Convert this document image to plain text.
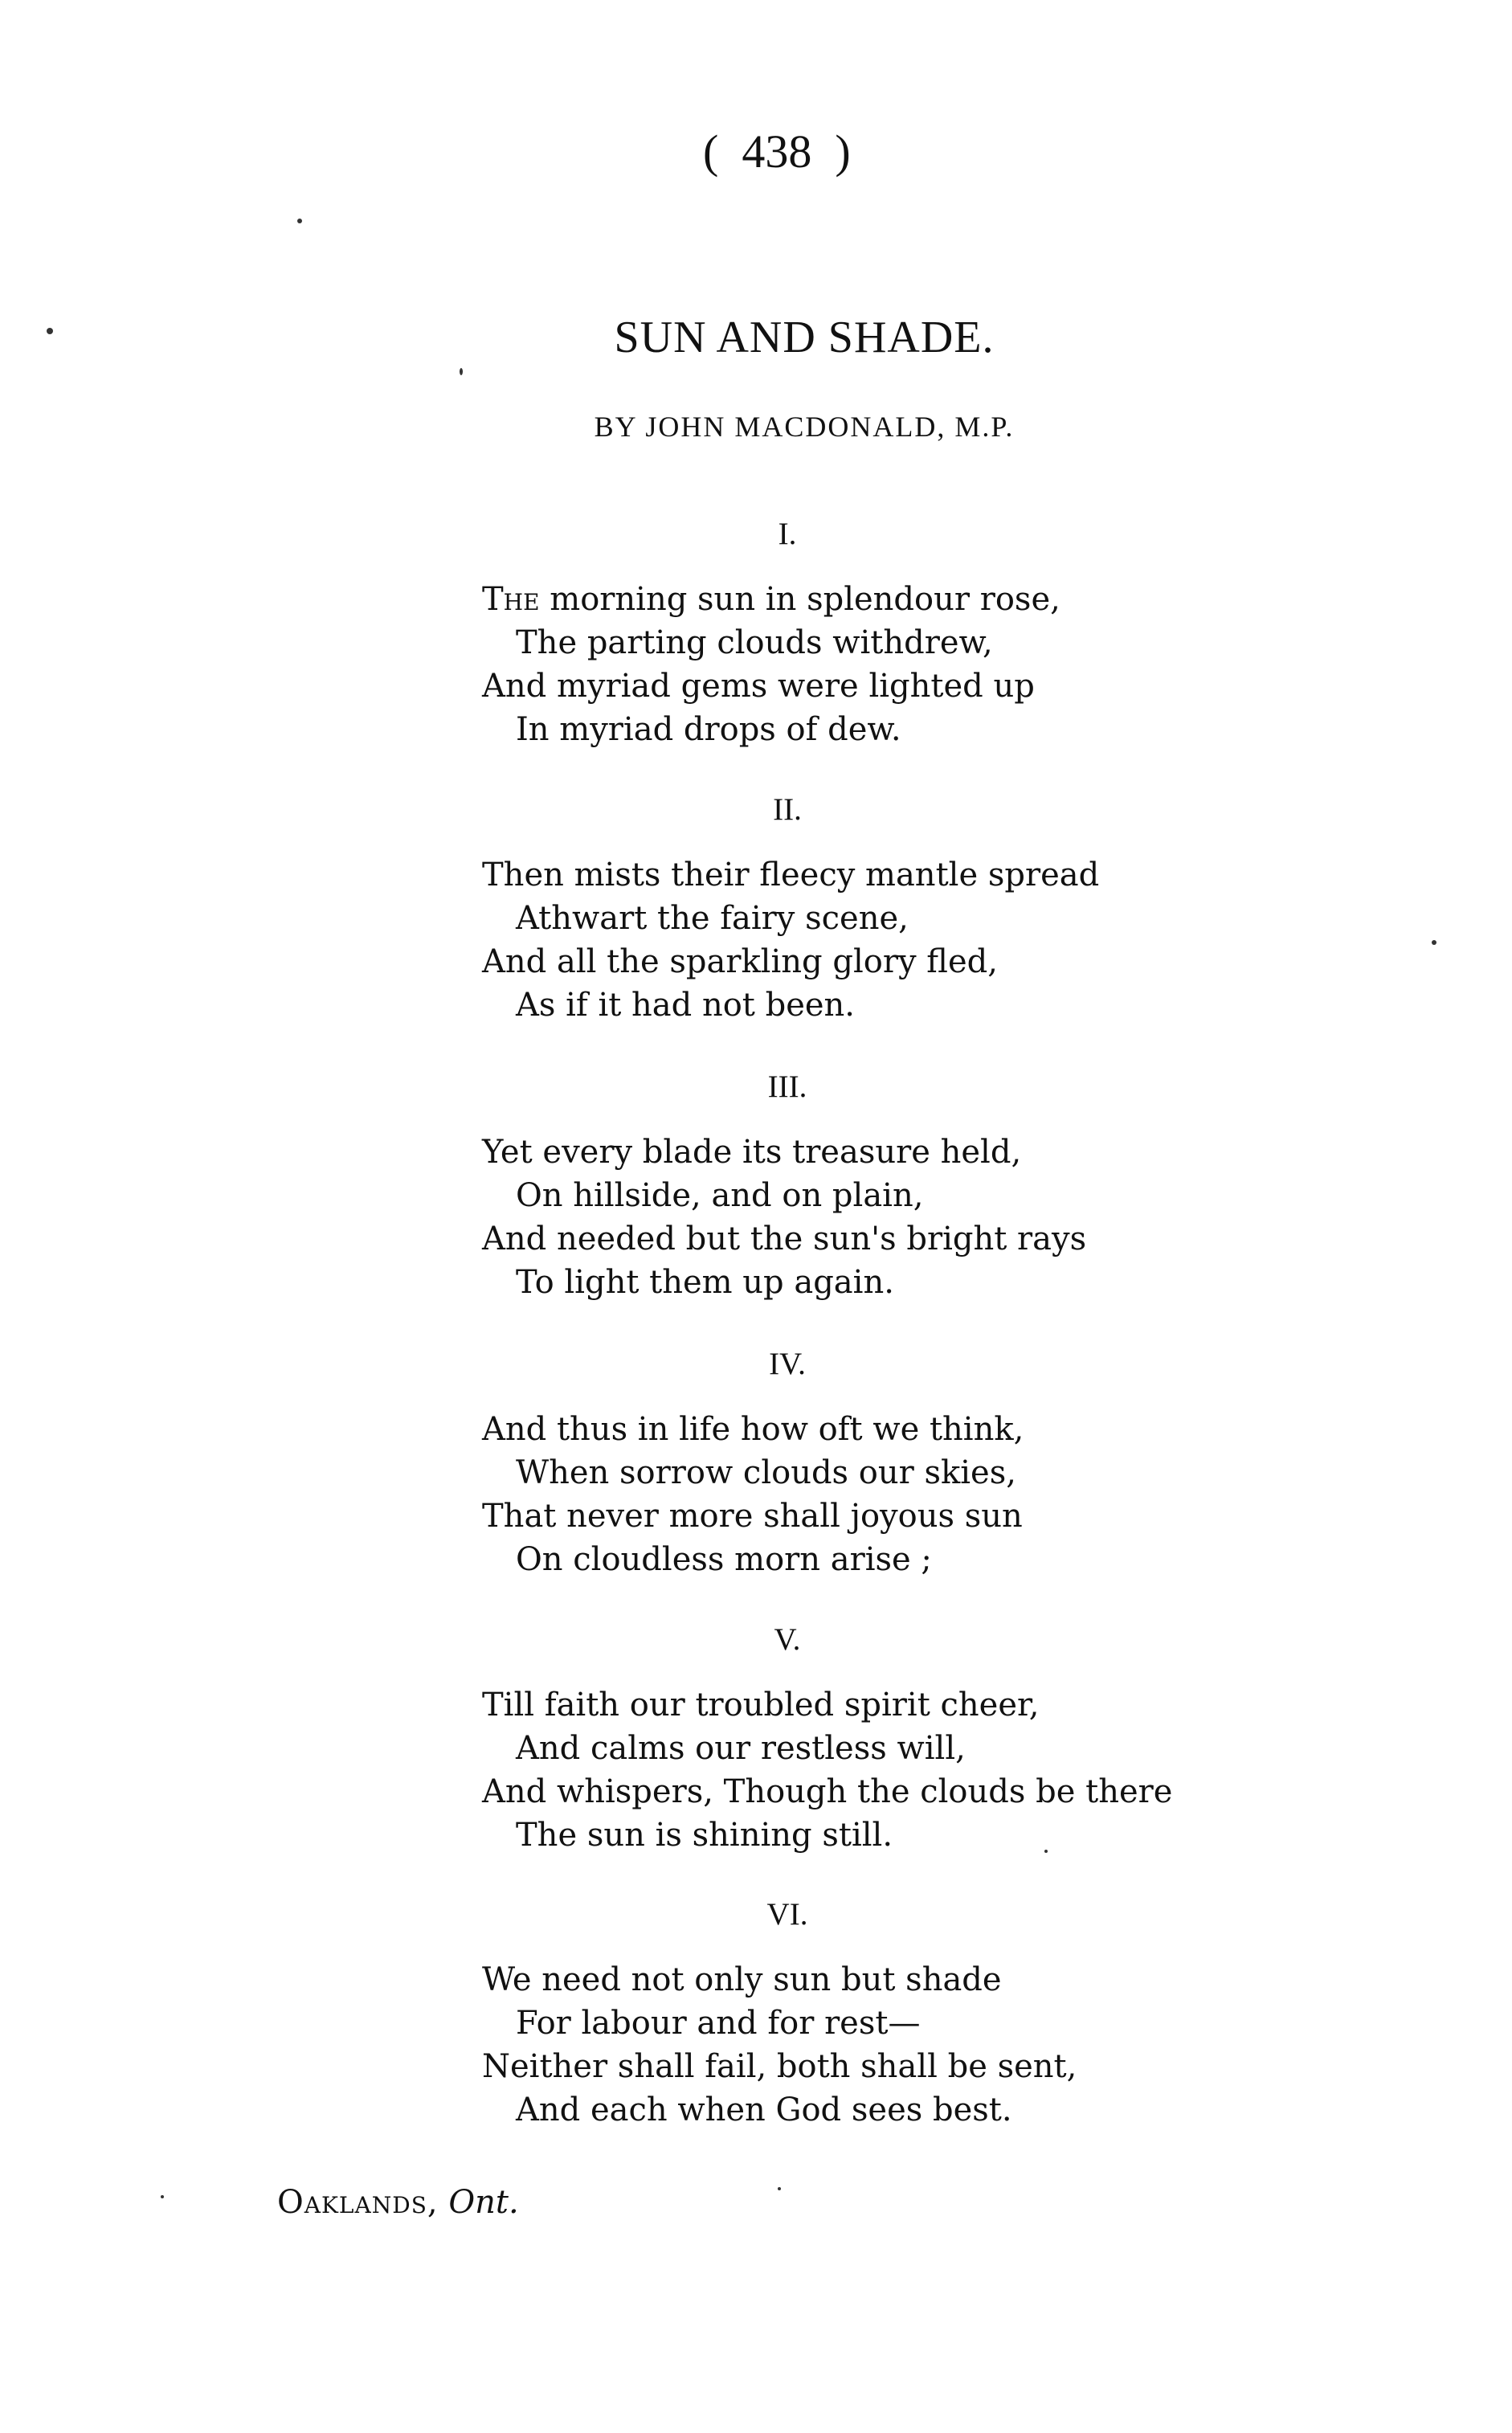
(  438  )
SUN AND SHADE.
BY JOHN MACDONALD, M.P.
I.
The morning sun in splendour rose,
The parting clouds withdrew,
And myriad gems were lighted up
In myriad drops of dew.
II.
Then mists their fleecy mantle spread
Athwart the fairy scene,
And all the sparkling glory fled,
As if it had not been.
III.
Yet every blade its treasure held,
On hillside, and on plain,
And needed but the sun's bright rays
To light them up again.
IV.
And thus in life how oft we think,
When sorrow clouds our skies,
That never more shall joyous sun
On cloudless morn arise ;
V.
Till faith our troubled spirit cheer,
And calms our restless will,
And whispers, Though the clouds be there
The sun is shining still.
VI.
We need not only sun but shade
For labour and for rest—
Neither shall fail, both shall be sent,
And each when God sees best.
Oaklands, Ont.
